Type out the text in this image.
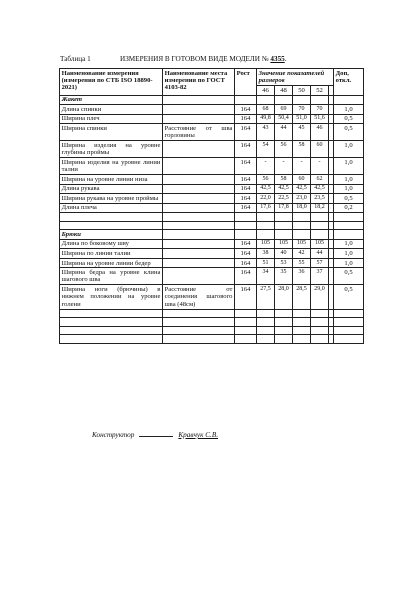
Таблица 1	ИЗМЕРЕНИЯ В ГОТОВОМ ВИДЕ МОДЕЛИ № 4355.
Наименование измерения (измерения по СТБ ISO 18890-2021)	Наименование места измерения по ГОСТ 4103-82	Рост	Значение показателей размеров					Доп, откл.
			46	48	50	52		
Жакет								
Длина спинки		164	68	69	70	70		1,0
Ширина плеч		164	49,8	50,4	51,0	51,6		0,5
Ширина спинки	Расстояние от шва горловины	164	43	44	45	46		0,5
Ширина изделия на уровне глубины проймы		164	54	56	58	60		1,0
Ширина изделия на уровне линии талии		164	-	-	-	-		1,0
Ширина на уровне линии низа		164	56	58	60	62		1,0
Длина рукава		164	42,5	42,5	42,5	42,5		1,0
Ширина рукава на уровне проймы		164	22,0	22,5	23,0	23,5		0,5
Длина плеча		164	17,6	17,8	18,0	18,2		0,2

Брюки								
Длина по боковому шву		164	105	105	105	105		1,0
Ширина по линии талии		164	38	40	42	44		1,0
Ширина на уровне линии бедер		164	51	53	55	57		1,0
Ширина бедра на уровне клина шагового шва		164	34	35	36	37		0,5
Ширина ноги (брючины) в нижнем положении на уровне голени	Расстояние от соединения шагового шва (48см)	164	27,5	28,0	28,5	29,0		0,5

Конструктор	Кравчук С.В.
